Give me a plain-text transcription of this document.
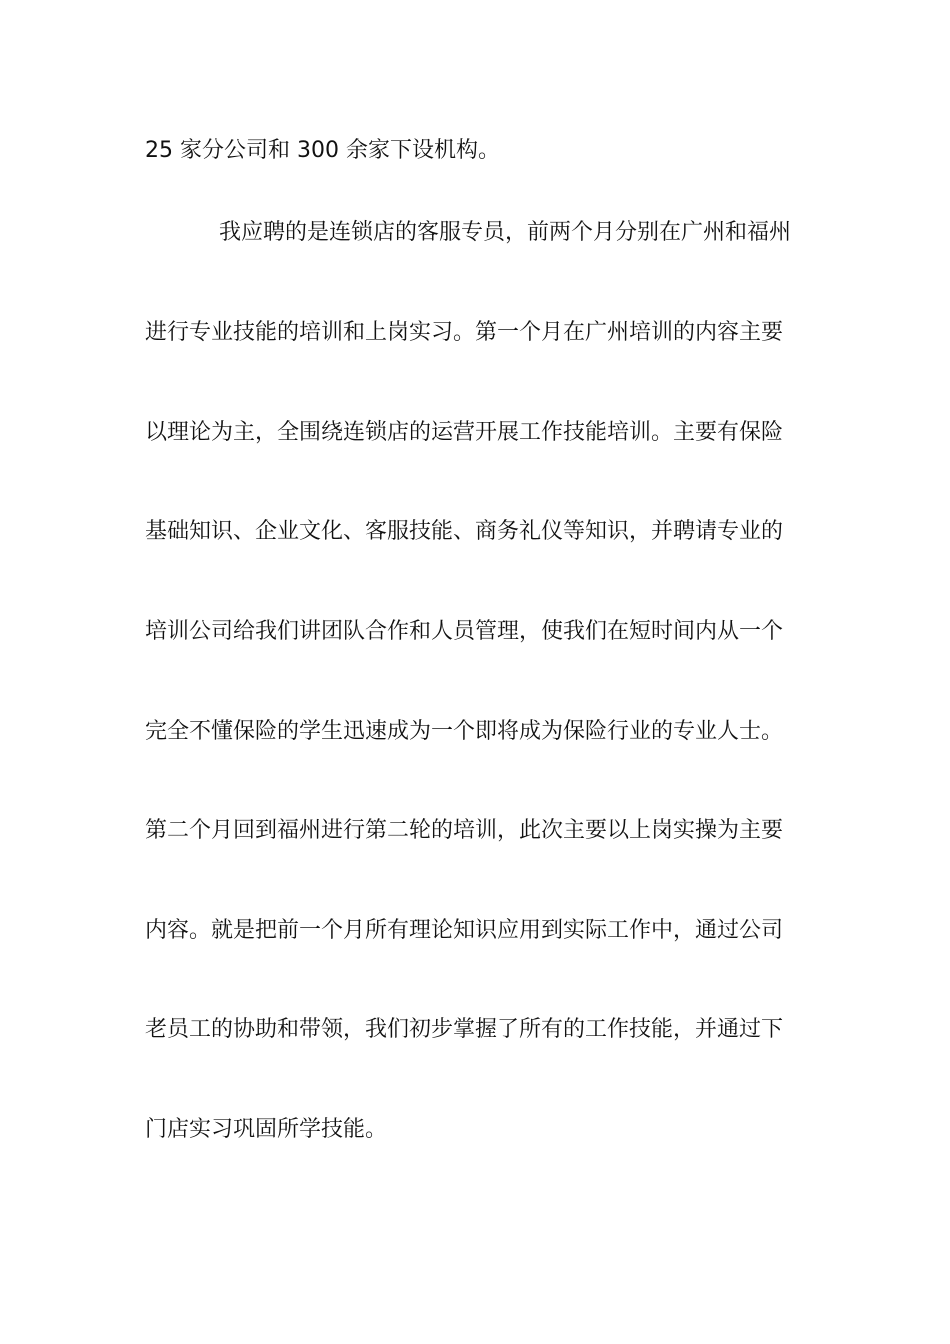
25 家分公司和 300 余家下设机构。
我应聘的是连锁店的客服专员，前两个月分别在广州和福州
进行专业技能的培训和上岗实习。第一个月在广州培训的内容主要
以理论为主，全围绕连锁店的运营开展工作技能培训。主要有保险
基础知识、企业文化、客服技能、商务礼仪等知识，并聘请专业的
培训公司给我们讲团队合作和人员管理，使我们在短时间内从一个
完全不懂保险的学生迅速成为一个即将成为保险行业的专业人士。
第二个月回到福州进行第二轮的培训，此次主要以上岗实操为主要
内容。就是把前一个月所有理论知识应用到实际工作中，通过公司
老员工的协助和带领，我们初步掌握了所有的工作技能，并通过下
门店实习巩固所学技能。
